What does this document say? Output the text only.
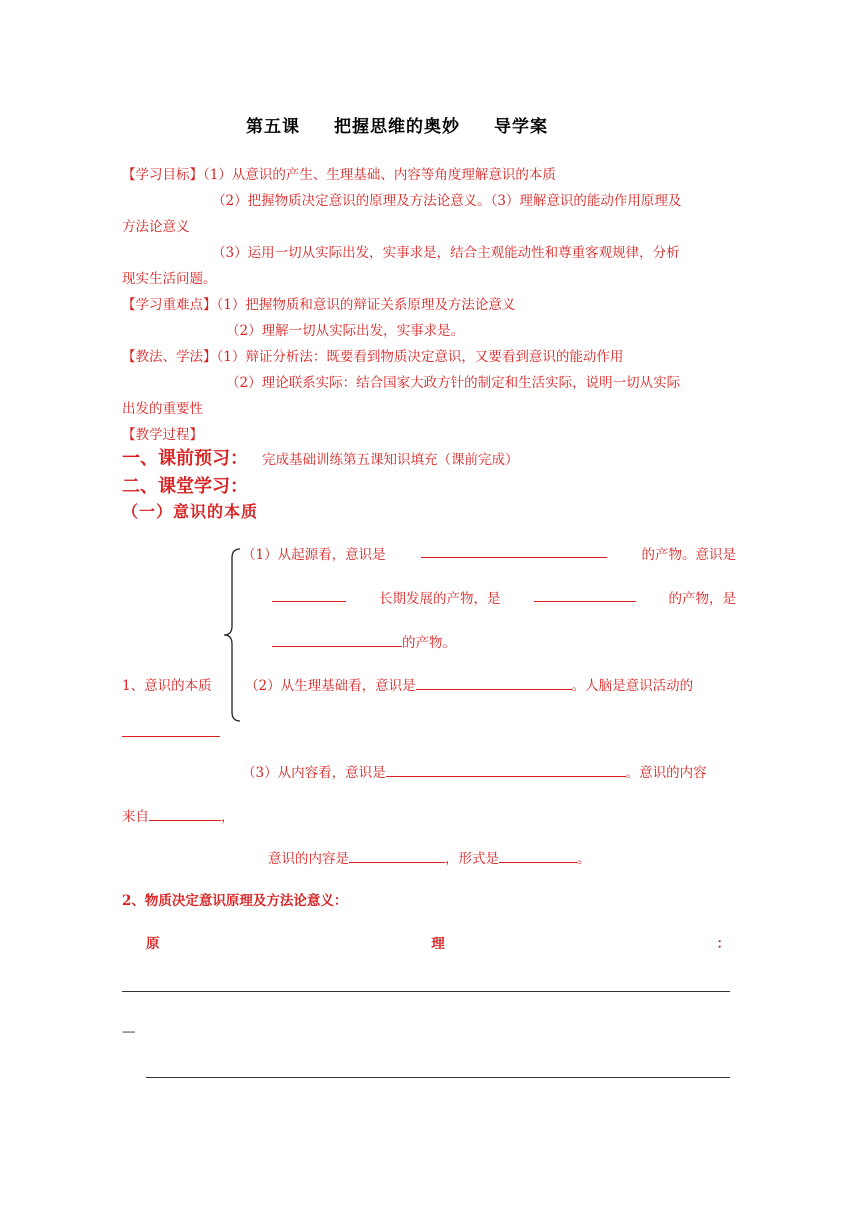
第五课 把握思维的奥妙 导学案
【学习目标】（1）从意识的产生、生理基础、内容等角度理解意识的本质
（2）把握物质决定意识的原理及方法论意义。（3）理解意识的能动作用原理及
方法论意义
（3）运用一切从实际出发，实事求是，结合主观能动性和尊重客观规律，分析
现实生活问题。
【学习重难点】（1）把握物质和意识的辩证关系原理及方法论意义
（2）理解一切从实际出发，实事求是。
【教法、学法】（1）辩证分析法：既要看到物质决定意识，又要看到意识的能动作用
（2）理论联系实际：结合国家大政方针的制定和生活实际，说明一切从实际
出发的重要性
【教学过程】
一、课前预习： 完成基础训练第五课知识填充（课前完成）
二、课堂学习：
（一）意识的本质
（1）从起源看，意识是	的产物。意识是
长期发展的产物，是	的产物，是
的产物。
1、意识的本质 （2）从生理基础看，意识是	。人脑是意识活动的
（3）从内容看，意识是	。意识的内容
来自	，
意识的内容是	，形式是	。
2、物质决定意识原理及方法论意义：
原	理	：
—
